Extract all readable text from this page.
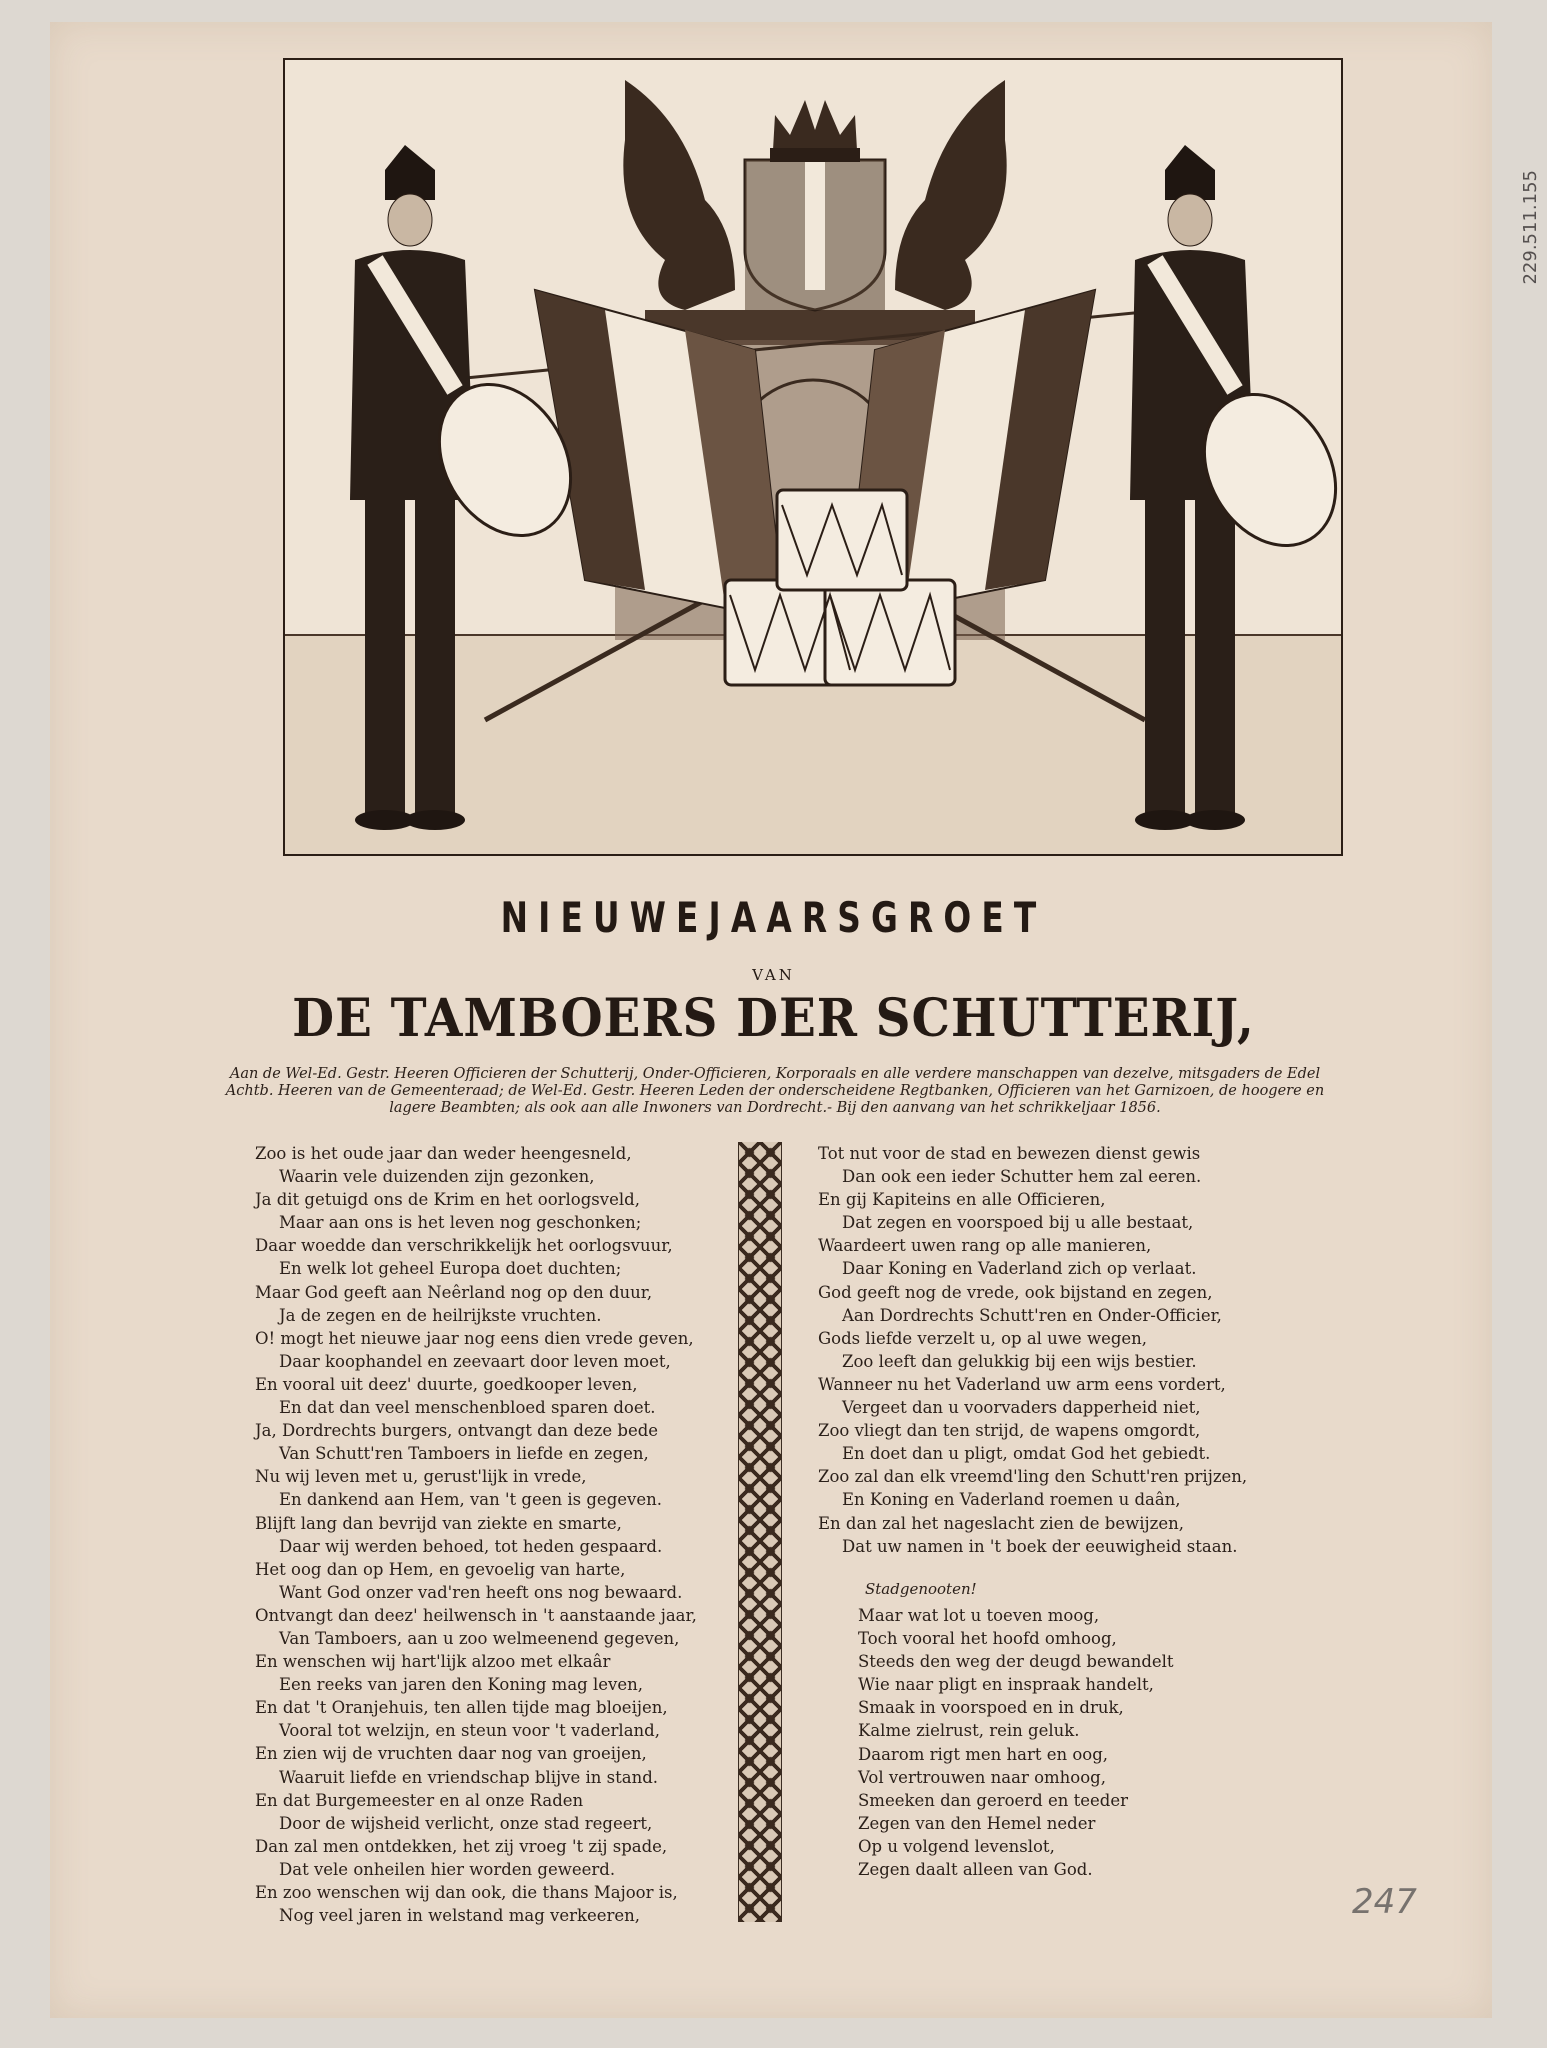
NIEUWEJAARSGROET
VAN
DE TAMBOERS DER SCHUTTERIJ,
Aan de Wel-Ed. Gestr. Heeren Officieren der Schutterij, Onder-Officieren, Korporaals en alle verdere manschappen van dezelve, mitsgaders de Edel Achtb. Heeren van de Gemeenteraad; de Wel-Ed. Gestr. Heeren Leden der onderscheidene Regtbanken, Officieren van het Garnizoen, de hoogere en lagere Beambten; als ook aan alle Inwoners van Dordrecht.- Bij den aanvang van het schrikkeljaar 1856.
Zoo is het oude jaar dan weder heengesneld,
Waarin vele duizenden zijn gezonken,
Ja dit getuigd ons de Krim en het oorlogsveld,
Maar aan ons is het leven nog geschonken;
Daar woedde dan verschrikkelijk het oorlogsvuur,
En welk lot geheel Europa doet duchten;
Maar God geeft aan Neêrland nog op den duur,
Ja de zegen en de heilrijkste vruchten.
O! mogt het nieuwe jaar nog eens dien vrede geven,
Daar koophandel en zeevaart door leven moet,
En vooral uit deez' duurte, goedkooper leven,
En dat dan veel menschenbloed sparen doet.
Ja, Dordrechts burgers, ontvangt dan deze bede
Van Schutt'ren Tamboers in liefde en zegen,
Nu wij leven met u, gerust'lijk in vrede,
En dankend aan Hem, van 't geen is gegeven.
Blijft lang dan bevrijd van ziekte en smarte,
Daar wij werden behoed, tot heden gespaard.
Het oog dan op Hem, en gevoelig van harte,
Want God onzer vad'ren heeft ons nog bewaard.
Ontvangt dan deez' heilwensch in 't aanstaande jaar,
Van Tamboers, aan u zoo welmeenend gegeven,
En wenschen wij hart'lijk alzoo met elkaâr
Een reeks van jaren den Koning mag leven,
En dat 't Oranjehuis, ten allen tijde mag bloeijen,
Vooral tot welzijn, en steun voor 't vaderland,
En zien wij de vruchten daar nog van groeijen,
Waaruit liefde en vriendschap blijve in stand.
En dat Burgemeester en al onze Raden
Door de wijsheid verlicht, onze stad regeert,
Dan zal men ontdekken, het zij vroeg 't zij spade,
Dat vele onheilen hier worden geweerd.
En zoo wenschen wij dan ook, die thans Majoor is,
Nog veel jaren in welstand mag verkeeren,
Tot nut voor de stad en bewezen dienst gewis
Dan ook een ieder Schutter hem zal eeren.
En gij Kapiteins en alle Officieren,
Dat zegen en voorspoed bij u alle bestaat,
Waardeert uwen rang op alle manieren,
Daar Koning en Vaderland zich op verlaat.
God geeft nog de vrede, ook bijstand en zegen,
Aan Dordrechts Schutt'ren en Onder-Officier,
Gods liefde verzelt u, op al uwe wegen,
Zoo leeft dan gelukkig bij een wijs bestier.
Wanneer nu het Vaderland uw arm eens vordert,
Vergeet dan u voorvaders dapperheid niet,
Zoo vliegt dan ten strijd, de wapens omgordt,
En doet dan u pligt, omdat God het gebiedt.
Zoo zal dan elk vreemd'ling den Schutt'ren prijzen,
En Koning en Vaderland roemen u daân,
En dan zal het nageslacht zien de bewijzen,
Dat uw namen in 't boek der eeuwigheid staan.
Stadgenooten!
Maar wat lot u toeven moog,
Toch vooral het hoofd omhoog,
Steeds den weg der deugd bewandelt
Wie naar pligt en inspraak handelt,
Smaak in voorspoed en in druk,
Kalme zielrust, rein geluk.
Daarom rigt men hart en oog,
Vol vertrouwen naar omhoog,
Smeeken dan geroerd en teeder
Zegen van den Hemel neder
Op u volgend levenslot,
Zegen daalt alleen van God.
229.511.155
247
